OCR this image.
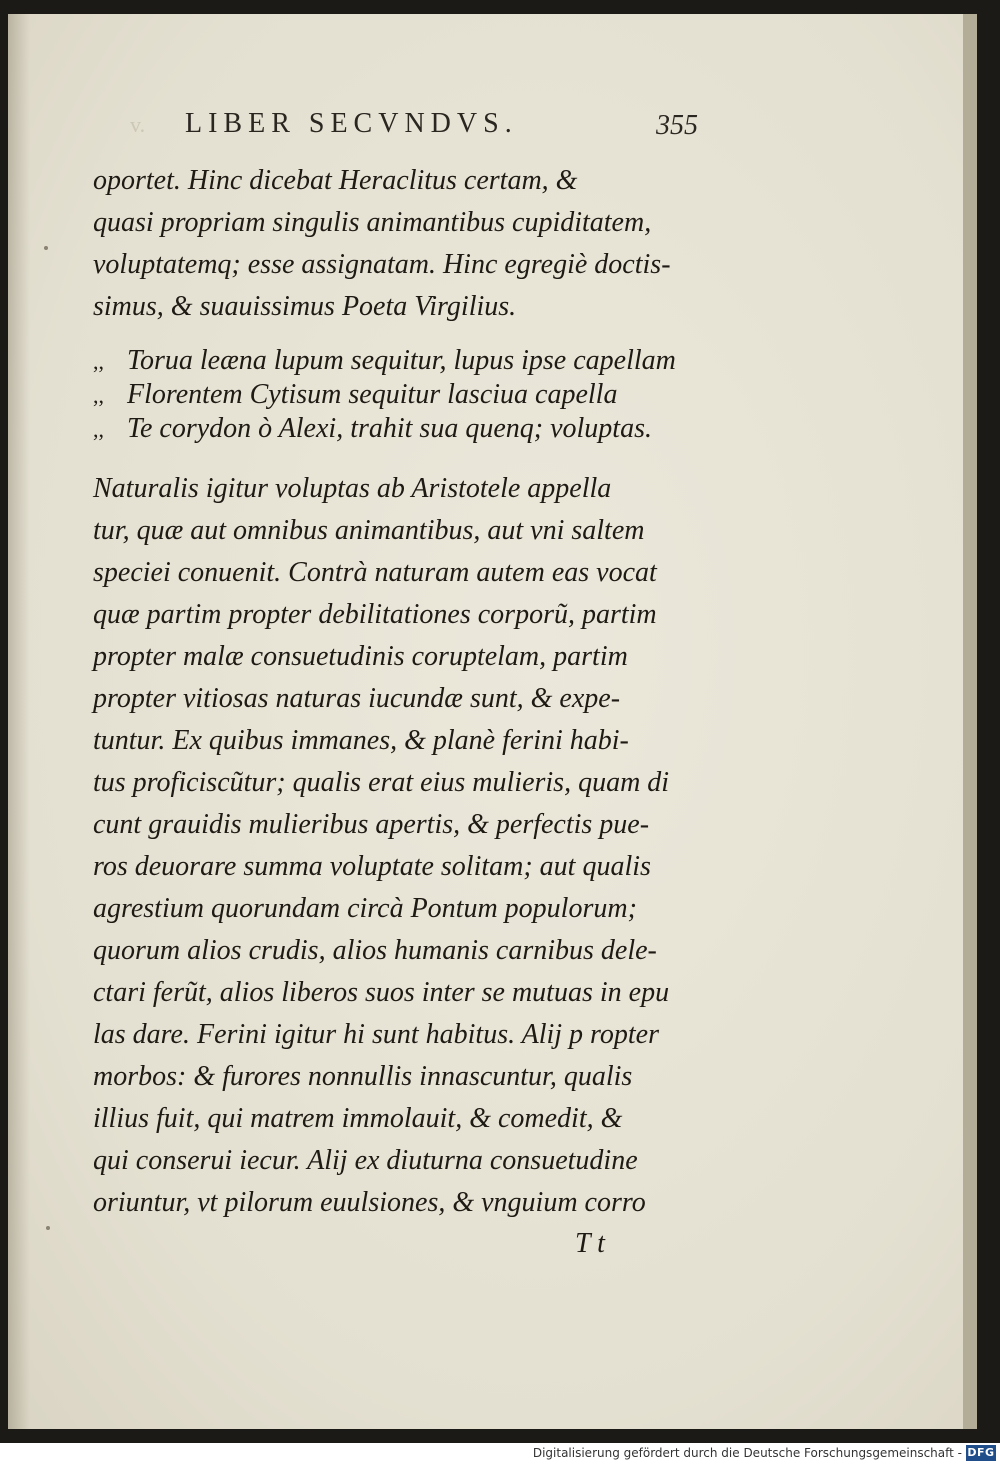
v. LIBER SECVNDVS.	355
oportet. Hinc dicebat Heraclitus certam, &
quasi propriam singulis animantibus cupiditatem,
voluptatemq; esse assignatam. Hinc egregiè doctis-
simus, & suauissimus Poeta Virgilius.
,, Torua leæna lupum sequitur, lupus ipse capellam
,, Florentem Cytisum sequitur lasciua capella
,, Te corydon ò Alexi, trahit sua quenq; voluptas.
Naturalis igitur voluptas ab Aristotele appella
tur, quæ aut omnibus animantibus, aut vni saltem
speciei conuenit. Contrà naturam autem eas vocat
quæ partim propter debilitationes corporũ, partim
propter malæ consuetudinis coruptelam, partim
propter vitiosas naturas iucundæ sunt, & expe-
tuntur. Ex quibus immanes, & planè ferini habi-
tus proficiscũtur; qualis erat eius mulieris, quam di
cunt grauidis mulieribus apertis, & perfectis pue-
ros deuorare summa voluptate solitam; aut qualis
agrestium quorundam circà Pontum populorum;
quorum alios crudis, alios humanis carnibus dele-
ctari ferũt, alios liberos suos inter se mutuas in epu
las dare. Ferini igitur hi sunt habitus. Alij p ropter
morbos: & furores nonnullis innascuntur, qualis
illius fuit, qui matrem immolauit, & comedit, &
qui conserui iecur. Alij ex diuturna consuetudine
oriuntur, vt pilorum euulsiones, & vnguium corro
T t
Digitalisierung gefördert durch die Deutsche Forschungsgemeinschaft - DFG
